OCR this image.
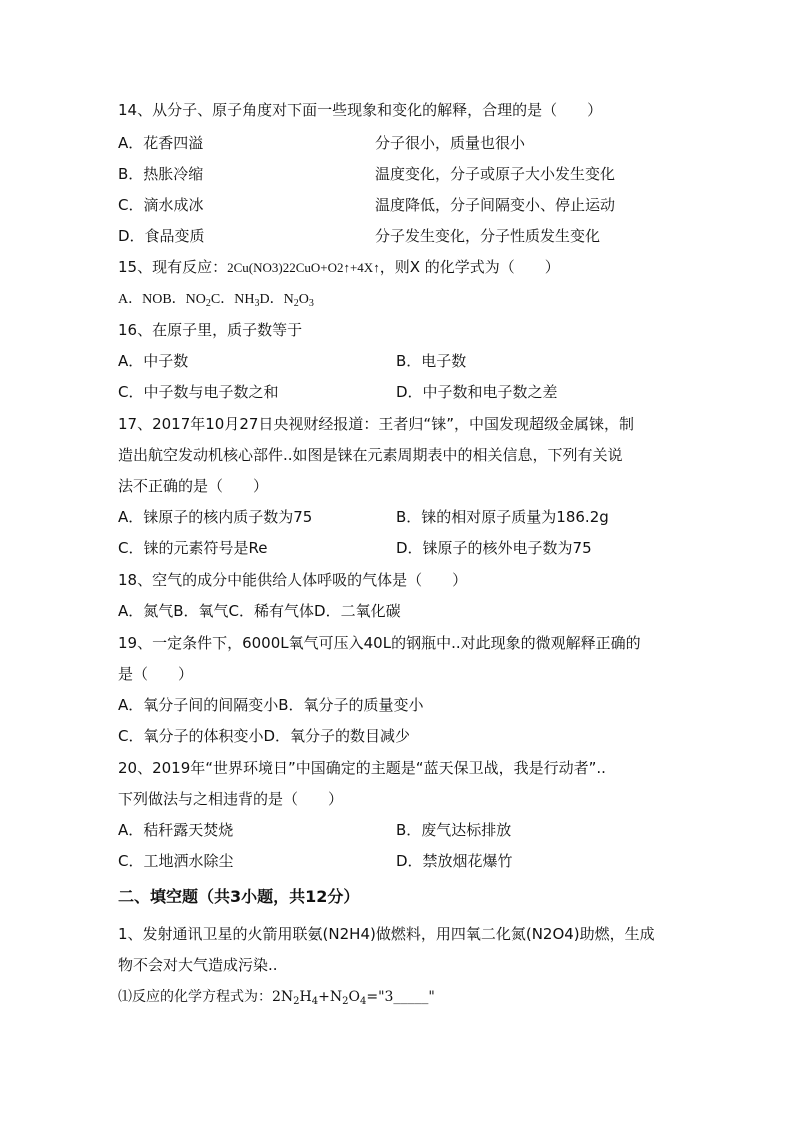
14、从分子、原子角度对下面一些现象和变化的解释，合理的是（　　）
A．花香四溢	分子很小，质量也很小
B．热胀冷缩	温度变化，分子或原子大小发生变化
C．滴水成冰	温度降低，分子间隔变小、停止运动
D．食品变质	分子发生变化，分子性质发生变化
15、现有反应：2Cu(NO3)22CuO+O2↑+4X↑，则X 的化学式为（　　）
A．NOB．$NO_2C$．$NH_3D$．$N_2O_3$
16、在原子里，质子数等于
A．中子数	B．电子数
C．中子数与电子数之和	D．中子数和电子数之差
17、2017年10月27日央视财经报道：王者归“铼”，中国发现超级金属铼，制
造出航空发动机核心部件..如图是铼在元素周期表中的相关信息，下列有关说
法不正确的是（　　）
A．铼原子的核内质子数为75	B．铼的相对原子质量为186.2g
C．铼的元素符号是Re	D．铼原子的核外电子数为75
18、空气的成分中能供给人体呼吸的气体是（　　）
A．氮气B．氧气C．稀有气体D．二氧化碳
19、一定条件下，6000L氧气可压入40L的钢瓶中..对此现象的微观解释正确的
是（　　）
A．氧分子间的间隔变小B．氧分子的质量变小
C．氧分子的体积变小D．氧分子的数目减少
20、2019年“世界环境日”中国确定的主题是“蓝天保卫战，我是行动者”..
下列做法与之相违背的是（　　）
A．秸秆露天焚烧	B．废气达标排放
C．工地洒水除尘	D．禁放烟花爆竹
二、填空题（共3小题，共12分）
1、发射通讯卫星的火箭用联氨(N2H4)做燃料，用四氧二化氮(N2O4)助燃，生成
物不会对大气造成污染..
⑴反应的化学方程式为：$2N_2H_4+N_2O_4="3\_\_\_\_\_$"
